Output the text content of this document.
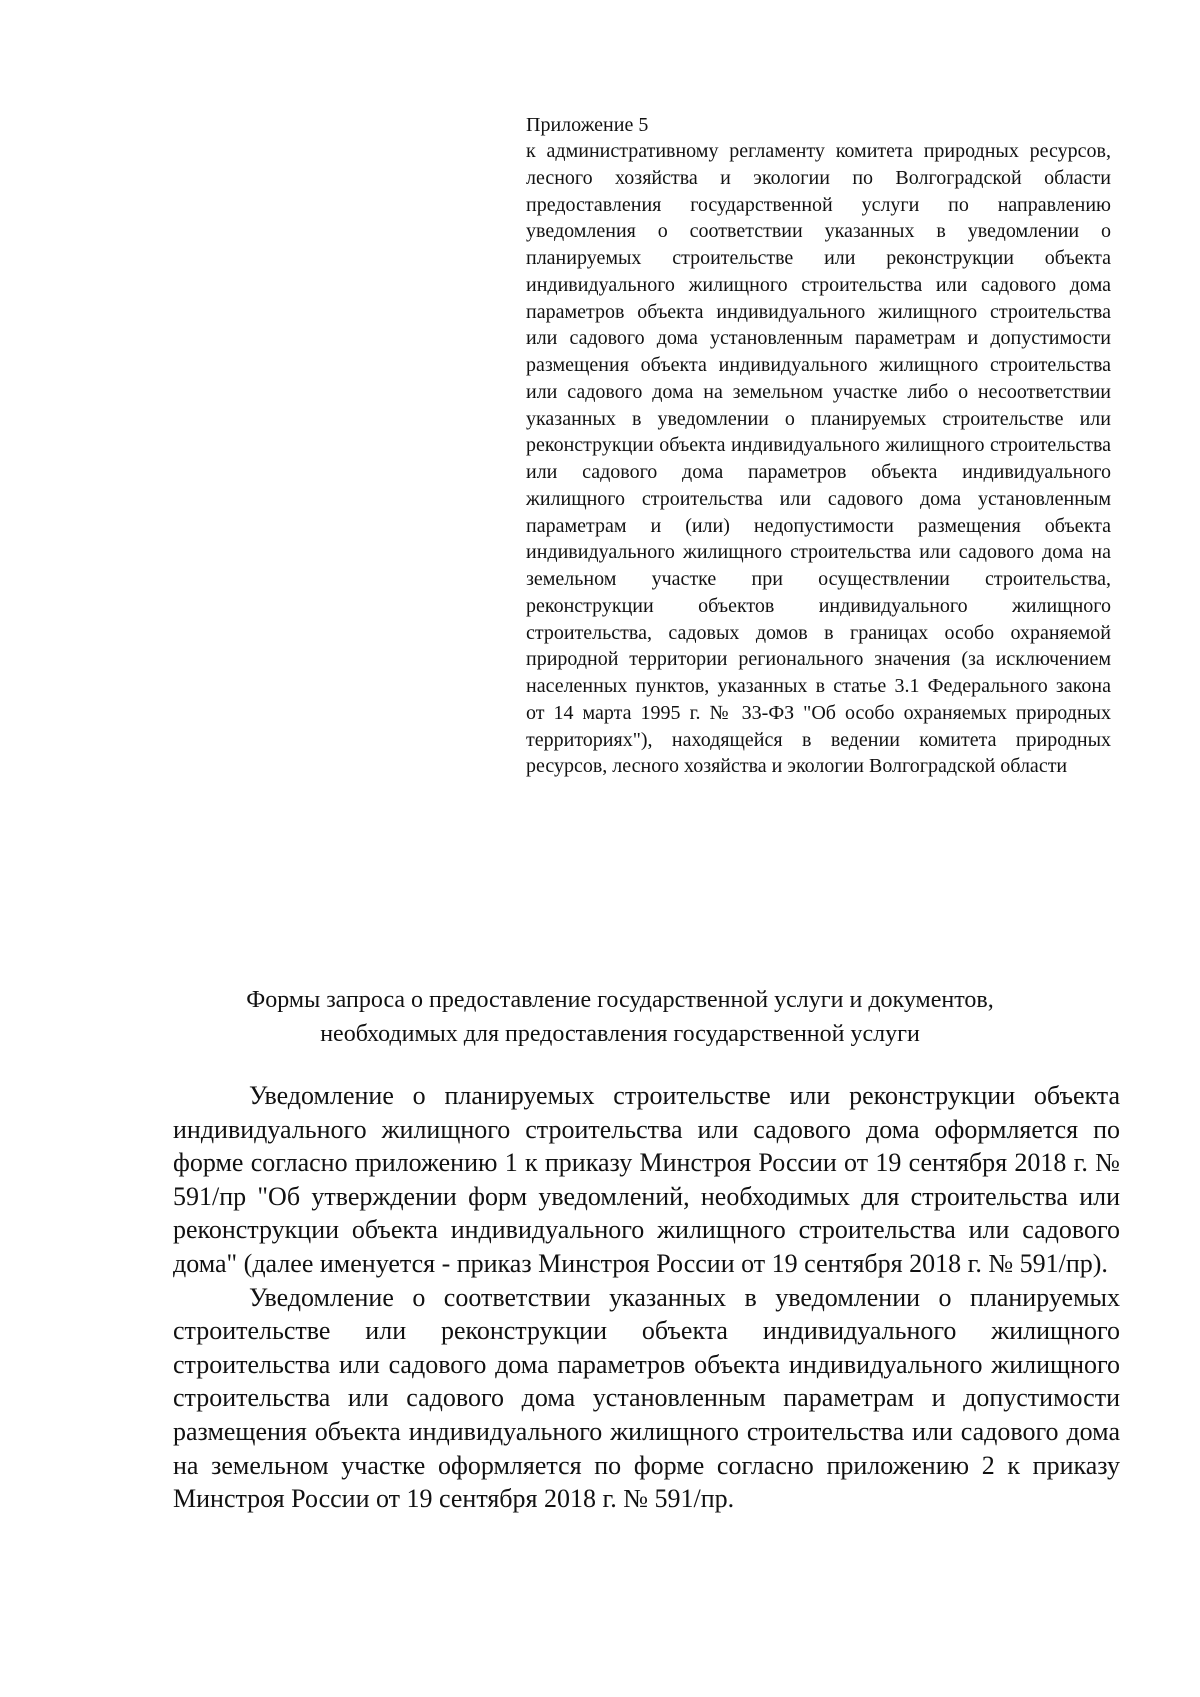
Приложение 5

к административному регламенту комитета природных ресурсов, лесного хозяйства и экологии по Волгоградской области предоставления государственной услуги по направлению уведомления о соответствии указанных в уведомлении о планируемых строительстве или реконструкции объекта индивидуального жилищного строительства или садового дома параметров объекта индивидуального жилищного строительства или садового дома установленным параметрам и допустимости размещения объекта индивидуального жилищного строительства или садового дома на земельном участке либо о несоответствии указанных в уведомлении о планируемых строительстве или реконструкции объекта индивидуального жилищного строительства или садового дома параметров объекта индивидуального жилищного строительства или садового дома установленным параметрам и (или) недопустимости размещения объекта индивидуального жилищного строительства или садового дома на земельном участке при осуществлении строительства, реконструкции объектов индивидуального жилищного строительства, садовых домов в границах особо охраняемой природной территории регионального значения (за исключением населенных пунктов, указанных в статье 3.1 Федерального закона от 14 марта 1995 г. № 33-ФЗ "Об особо охраняемых природных территориях"), находящейся в ведении комитета природных ресурсов, лесного хозяйства и экологии Волгоградской области

Формы запроса о предоставление государственной услуги и документов,
необходимых для предоставления государственной услуги

Уведомление о планируемых строительстве или реконструкции объекта индивидуального жилищного строительства или садового дома оформляется по форме согласно приложению 1 к приказу Минстроя России от 19 сентября 2018 г. № 591/пр "Об утверждении форм уведомлений, необходимых для строительства или реконструкции объекта индивидуального жилищного строительства или садового дома" (далее именуется - приказ Минстроя России от 19 сентября 2018 г. № 591/пр).

Уведомление о соответствии указанных в уведомлении о планируемых строительстве или реконструкции объекта индивидуального жилищного строительства или садового дома параметров объекта индивидуального жилищного строительства или садового дома установленным параметрам и допустимости размещения объекта индивидуального жилищного строительства или садового дома на земельном участке оформляется по форме согласно приложению 2 к приказу Минстроя России от 19 сентября 2018 г. № 591/пр.
